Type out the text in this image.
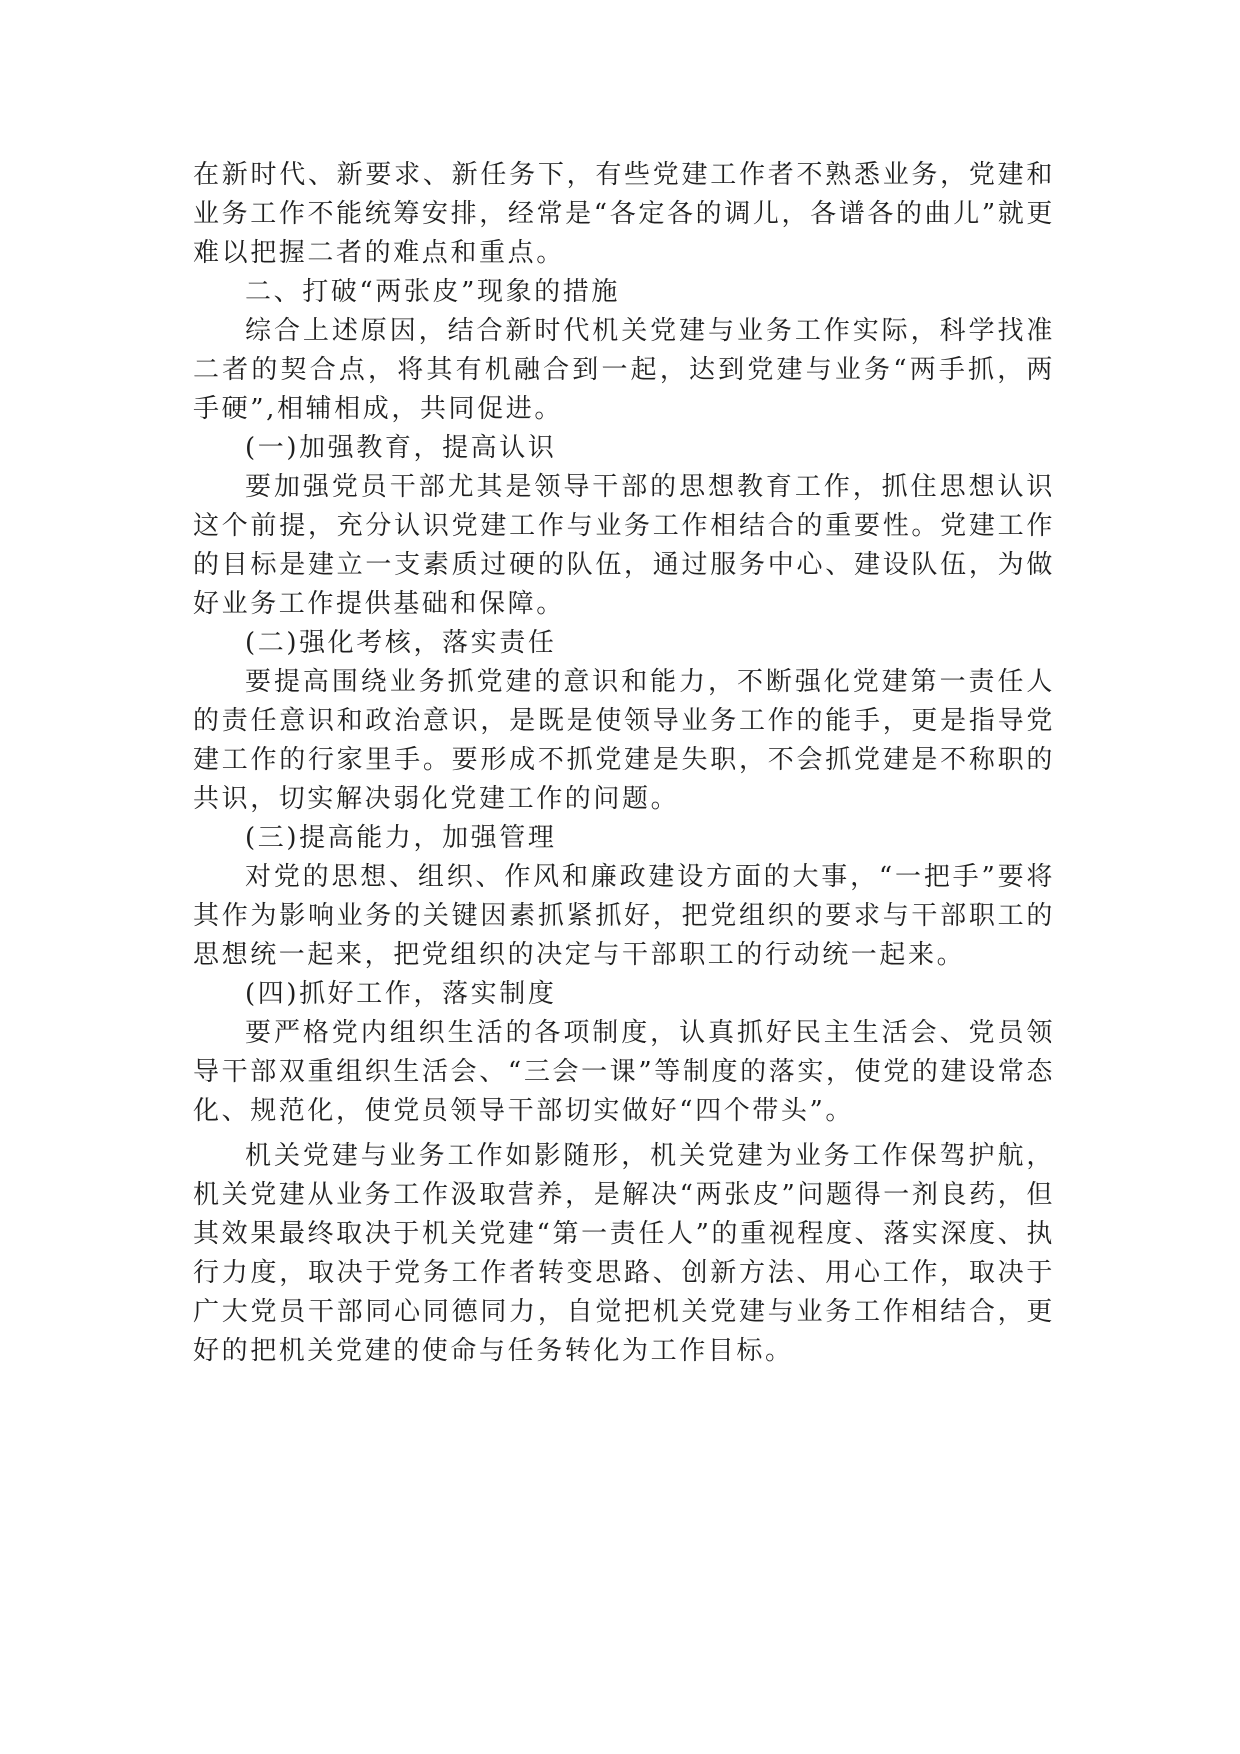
在新时代、新要求、新任务下，有些党建工作者不熟悉业务，党建和业务工作不能统筹安排，经常是“各定各的调儿，各谱各的曲儿”就更难以把握二者的难点和重点。

二、打破“两张皮”现象的措施

综合上述原因，结合新时代机关党建与业务工作实际，科学找准二者的契合点，将其有机融合到一起，达到党建与业务“两手抓，两手硬”,相辅相成，共同促进。

(一)加强教育，提高认识

要加强党员干部尤其是领导干部的思想教育工作，抓住思想认识这个前提，充分认识党建工作与业务工作相结合的重要性。党建工作的目标是建立一支素质过硬的队伍，通过服务中心、建设队伍，为做好业务工作提供基础和保障。

(二)强化考核，落实责任

要提高围绕业务抓党建的意识和能力，不断强化党建第一责任人的责任意识和政治意识，是既是使领导业务工作的能手，更是指导党建工作的行家里手。要形成不抓党建是失职，不会抓党建是不称职的共识，切实解决弱化党建工作的问题。

(三)提高能力，加强管理

对党的思想、组织、作风和廉政建设方面的大事，“一把手”要将其作为影响业务的关键因素抓紧抓好，把党组织的要求与干部职工的思想统一起来，把党组织的决定与干部职工的行动统一起来。

(四)抓好工作，落实制度

要严格党内组织生活的各项制度，认真抓好民主生活会、党员领导干部双重组织生活会、“三会一课”等制度的落实，使党的建设常态化、规范化，使党员领导干部切实做好“四个带头”。

机关党建与业务工作如影随形，机关党建为业务工作保驾护航，机关党建从业务工作汲取营养，是解决“两张皮”问题得一剂良药，但其效果最终取决于机关党建“第一责任人”的重视程度、落实深度、执行力度，取决于党务工作者转变思路、创新方法、用心工作，取决于广大党员干部同心同德同力，自觉把机关党建与业务工作相结合，更好的把机关党建的使命与任务转化为工作目标。
